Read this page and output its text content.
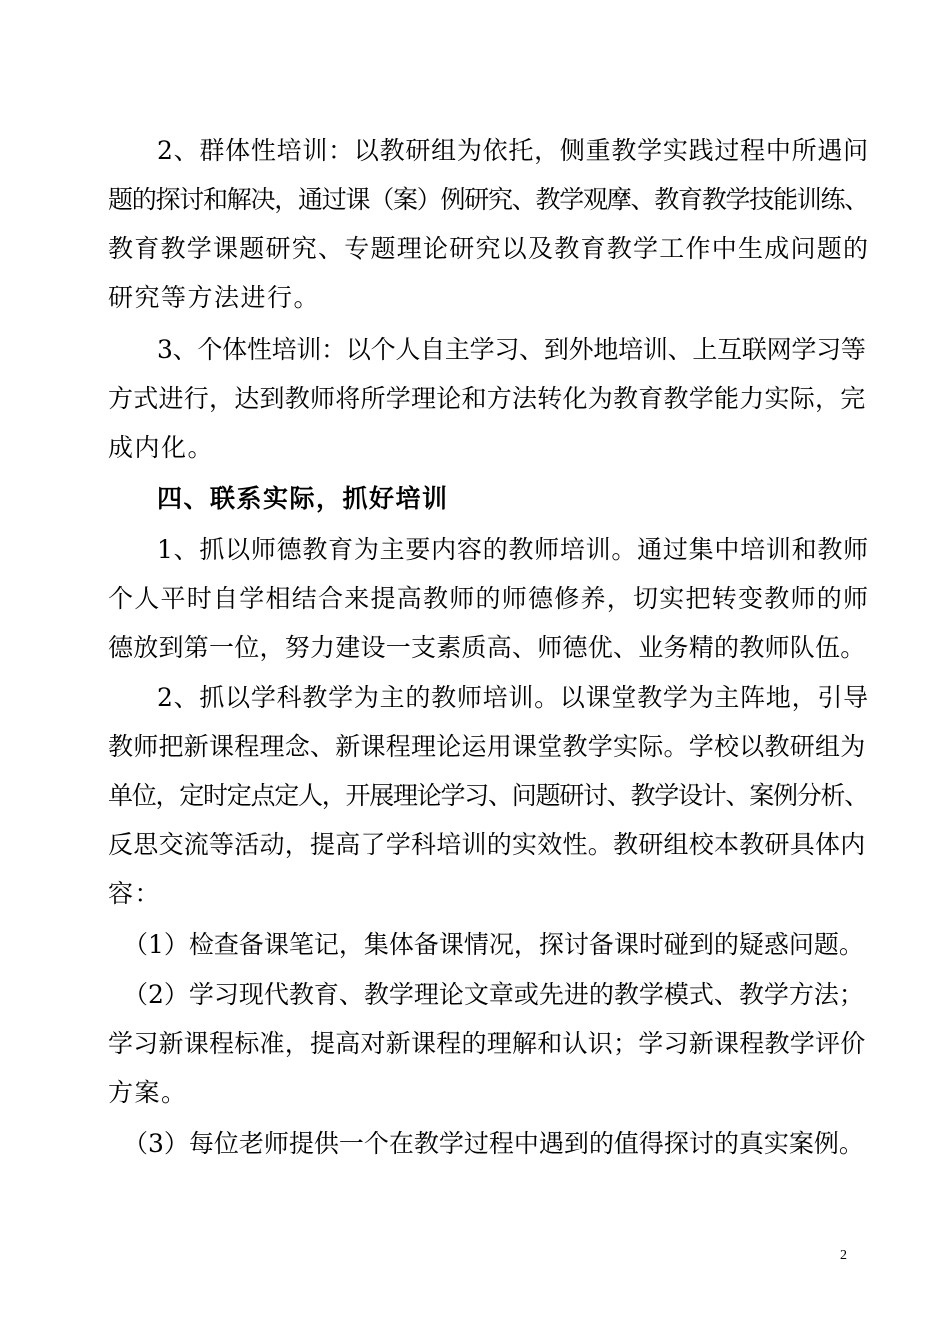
2、群体性培训：以教研组为依托，侧重教学实践过程中所遇问
题的探讨和解决，通过课（案）例研究、教学观摩、教育教学技能训练、
教育教学课题研究、专题理论研究以及教育教学工作中生成问题的
研究等方法进行。
3、个体性培训：以个人自主学习、到外地培训、上互联网学习等
方式进行，达到教师将所学理论和方法转化为教育教学能力实际，完
成内化。
四、联系实际，抓好培训
1、抓以师德教育为主要内容的教师培训。通过集中培训和教师
个人平时自学相结合来提高教师的师德修养，切实把转变教师的师
德放到第一位，努力建设一支素质高、师德优、业务精的教师队伍。
2、抓以学科教学为主的教师培训。以课堂教学为主阵地，引导
教师把新课程理念、新课程理论运用课堂教学实际。学校以教研组为
单位，定时定点定人，开展理论学习、问题研讨、教学设计、案例分析、
反思交流等活动，提高了学科培训的实效性。教研组校本教研具体内
容：
（1）检查备课笔记，集体备课情况，探讨备课时碰到的疑惑问题。
（2）学习现代教育、教学理论文章或先进的教学模式、教学方法；
学习新课程标准，提高对新课程的理解和认识；学习新课程教学评价
方案。
（3）每位老师提供一个在教学过程中遇到的值得探讨的真实案例。
2
